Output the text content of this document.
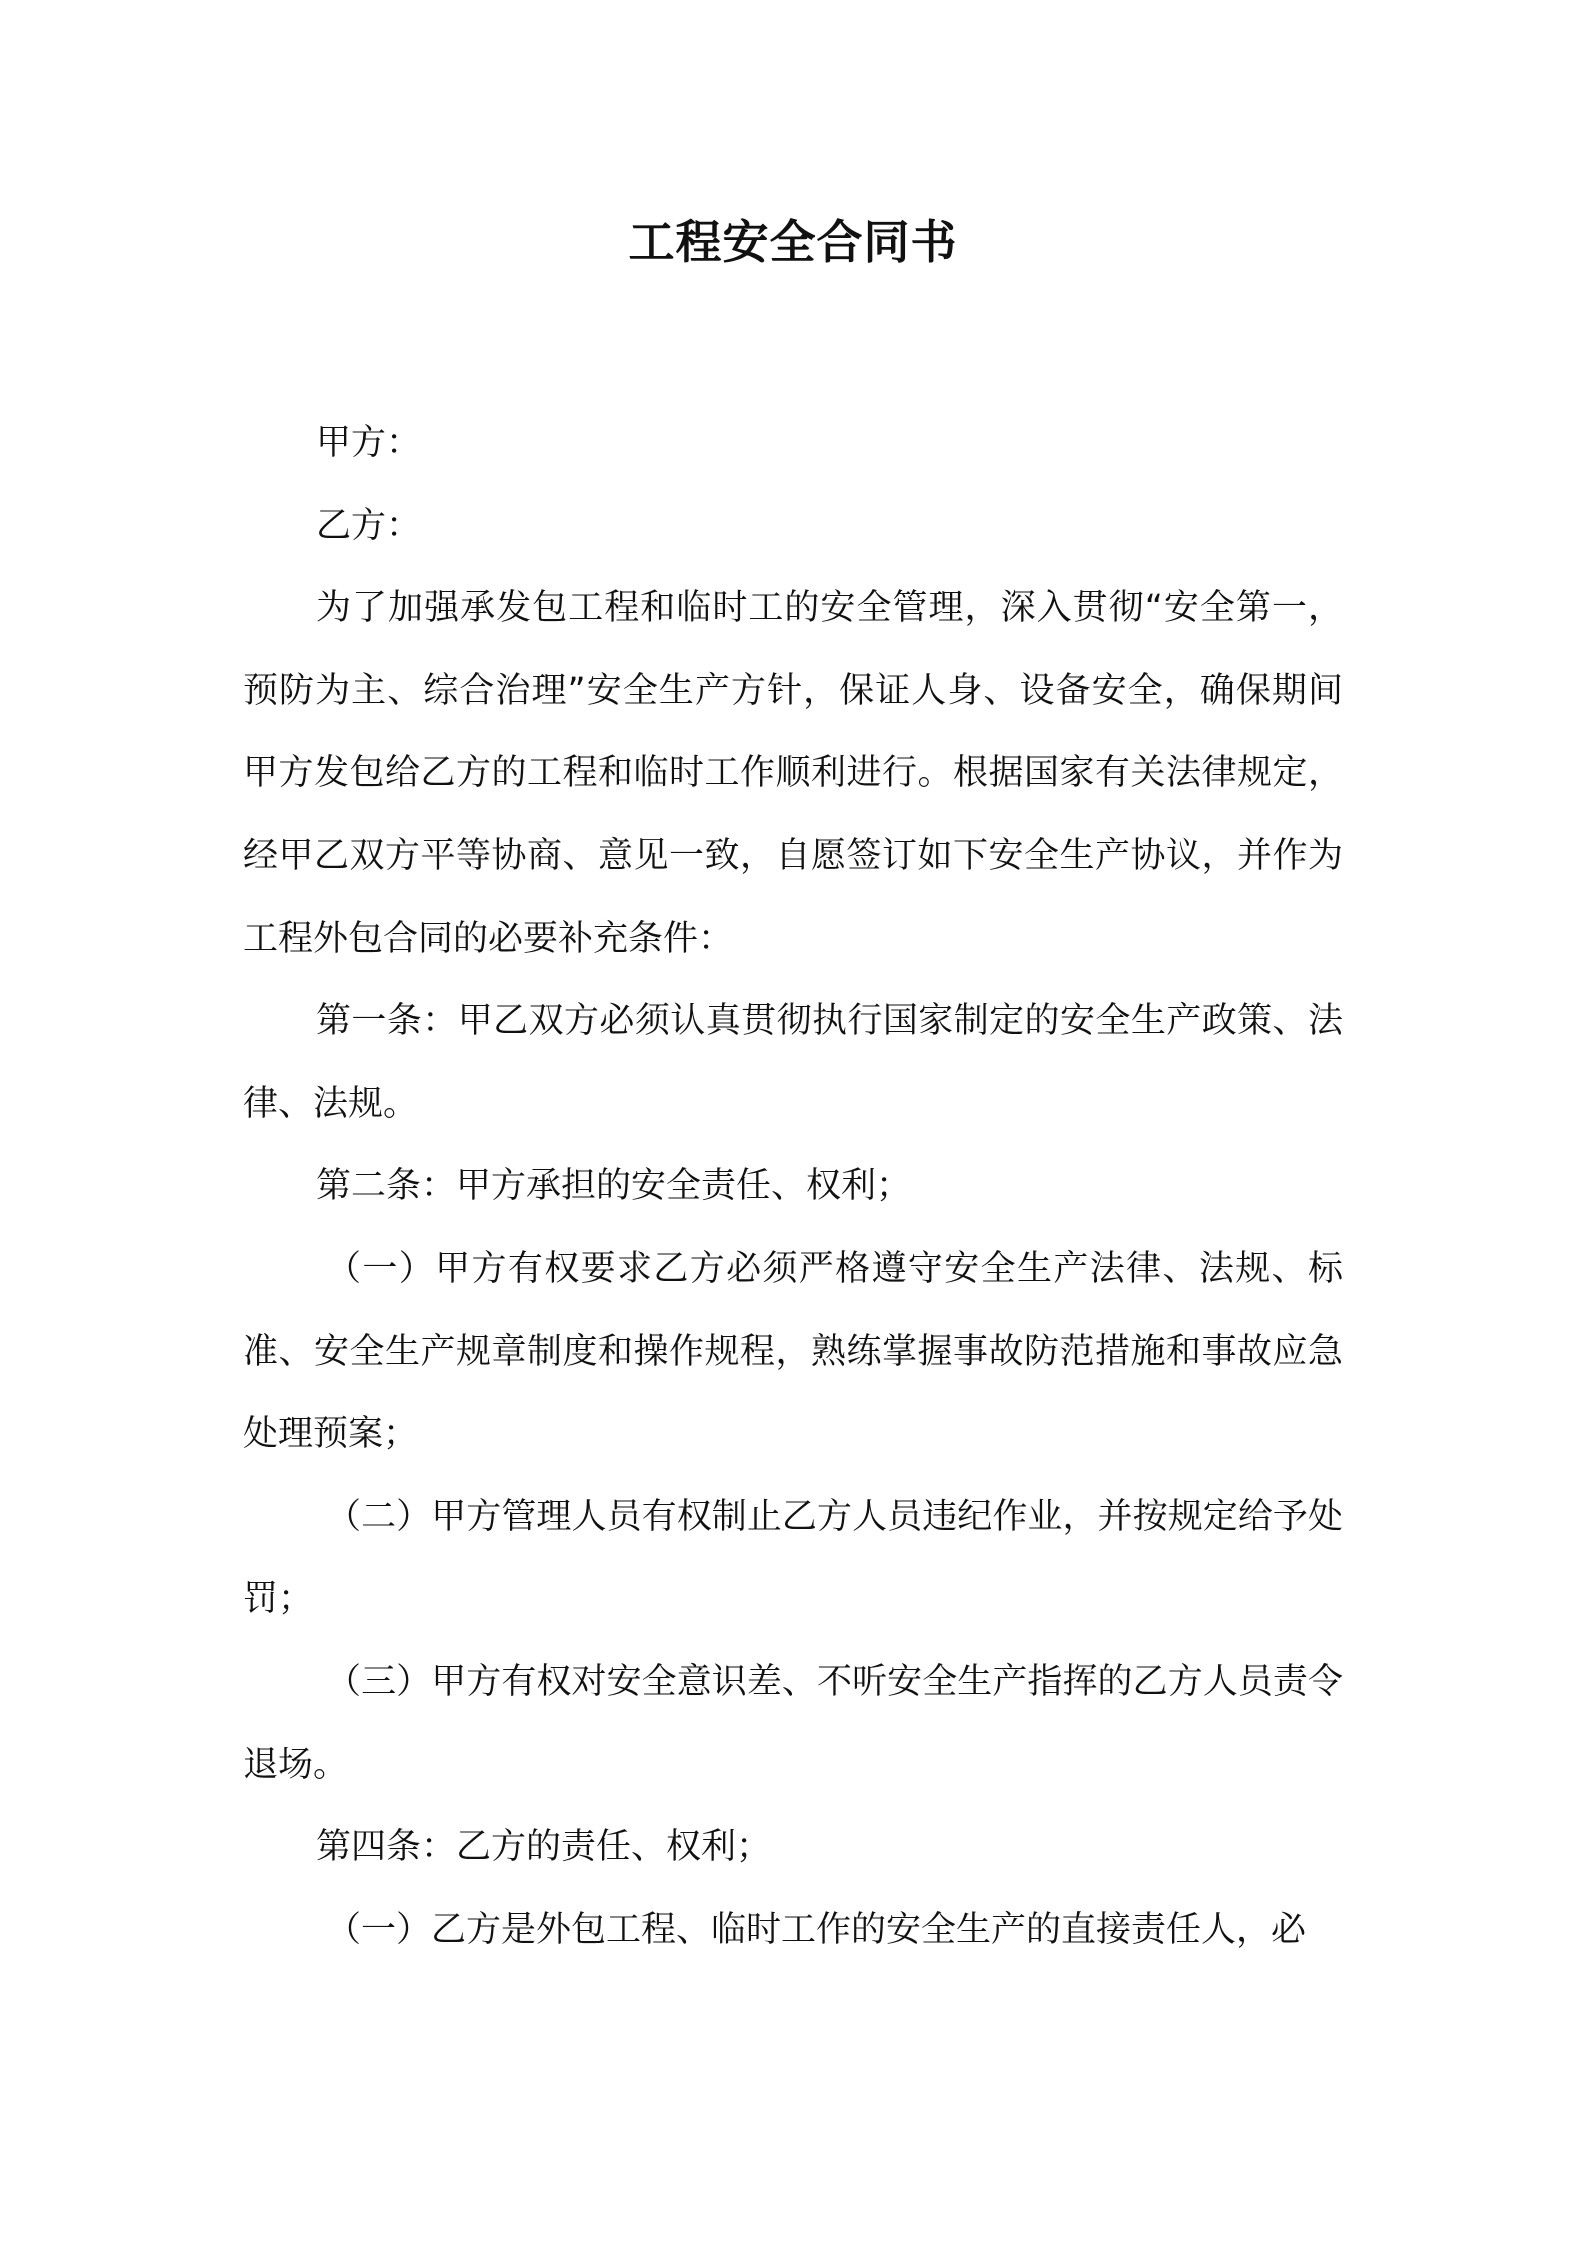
工程安全合同书

甲方：

乙方：

为了加强承发包工程和临时工的安全管理，深入贯彻“安全第一，预防为主、综合治理”安全生产方针，保证人身、设备安全，确保期间甲方发包给乙方的工程和临时工作顺利进行。根据国家有关法律规定，经甲乙双方平等协商、意见一致，自愿签订如下安全生产协议，并作为工程外包合同的必要补充条件：

第一条：甲乙双方必须认真贯彻执行国家制定的安全生产政策、法律、法规。

第二条：甲方承担的安全责任、权利；

（一）甲方有权要求乙方必须严格遵守安全生产法律、法规、标准、安全生产规章制度和操作规程，熟练掌握事故防范措施和事故应急处理预案；

（二）甲方管理人员有权制止乙方人员违纪作业，并按规定给予处罚；

（三）甲方有权对安全意识差、不听安全生产指挥的乙方人员责令退场。

第四条：乙方的责任、权利；

（一）乙方是外包工程、临时工作的安全生产的直接责任人，必
